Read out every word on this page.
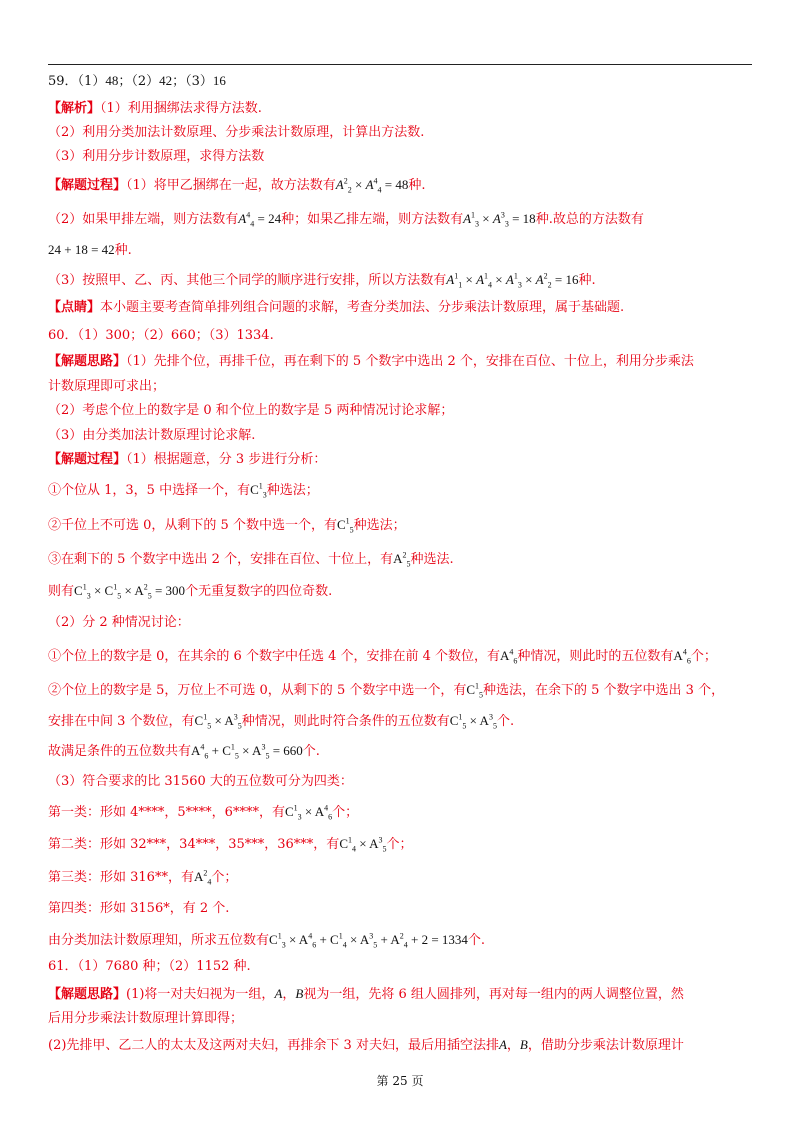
59．（1）48；（2）42；（3）16
【解析】（1）利用捆绑法求得方法数.
（2）利用分类加法计数原理、分步乘法计数原理，计算出方法数.
（3）利用分步计数原理，求得方法数
【解题过程】（1）将甲乙捆绑在一起，故方法数有$A^2_2 \times A^4_4 = 48$种.
（2）如果甲排左端，则方法数有$A^4_4 = 24$种；如果乙排左端，则方法数有$A^1_3 \times A^3_3 = 18$种.故总的方法数有
24 + 18 = 42种.
（3）按照甲、乙、丙、其他三个同学的顺序进行安排，所以方法数有$A^1_1 \times A^1_4 \times A^1_3 \times A^2_2 = 16$种.
【点睛】本小题主要考查简单排列组合问题的求解，考查分类加法、分步乘法计数原理，属于基础题.
60．（1）300；（2）660；（3）1334.
【解题思路】（1）先排个位，再排千位，再在剩下的 5 个数字中选出 2 个，安排在百位、十位上，利用分步乘法
计数原理即可求出；
（2）考虑个位上的数字是 0 和个位上的数字是 5 两种情况讨论求解；
（3）由分类加法计数原理讨论求解.
【解题过程】（1）根据题意，分 3 步进行分析：
①个位从 1，3，5 中选择一个，有$C^1_3$种选法；
②千位上不可选 0，从剩下的 5 个数中选一个，有$C^1_5$种选法；
③在剩下的 5 个数字中选出 2 个，安排在百位、十位上，有$A^2_5$种选法.
则有$C^1_3 \times C^1_5 \times A^2_5 = 300$个无重复数字的四位奇数.
（2）分 2 种情况讨论：
①个位上的数字是 0，在其余的 6 个数字中任选 4 个，安排在前 4 个数位，有$A^4_6$种情况，则此时的五位数有$A^4_6$个；
②个位上的数字是 5，万位上不可选 0，从剩下的 5 个数字中选一个，有$C^1_5$种选法，在余下的 5 个数字中选出 3 个，
安排在中间 3 个数位，有$C^1_5 \times A^3_5$种情况，则此时符合条件的五位数有$C^1_5 \times A^3_5$个.
故满足条件的五位数共有$A^4_6 + C^1_5 \times A^3_5 = 660$个.
（3）符合要求的比 31560 大的五位数可分为四类：
第一类：形如 4****，5****，6****，有$C^1_3 \times A^4_6$个；
第二类：形如 32***，34***，35***，36***，有$C^1_4 \times A^3_5$个；
第三类：形如 316**，有$A^2_4$个；
第四类：形如 3156*，有 2 个.
由分类加法计数原理知，所求五位数有$C^1_3 \times A^4_6 + C^1_4 \times A^3_5 + A^2_4 + 2 = 1334$个.
61．（1）7680 种；（2）1152 种.
【解题思路】(1)将一对夫妇视为一组，A，B视为一组，先将 6 组人圆排列，再对每一组内的两人调整位置，然
后用分步乘法计数原理计算即得；
(2)先排甲、乙二人的太太及这两对夫妇，再排余下 3 对夫妇，最后用插空法排A，B，借助分步乘法计数原理计
第 25 页
